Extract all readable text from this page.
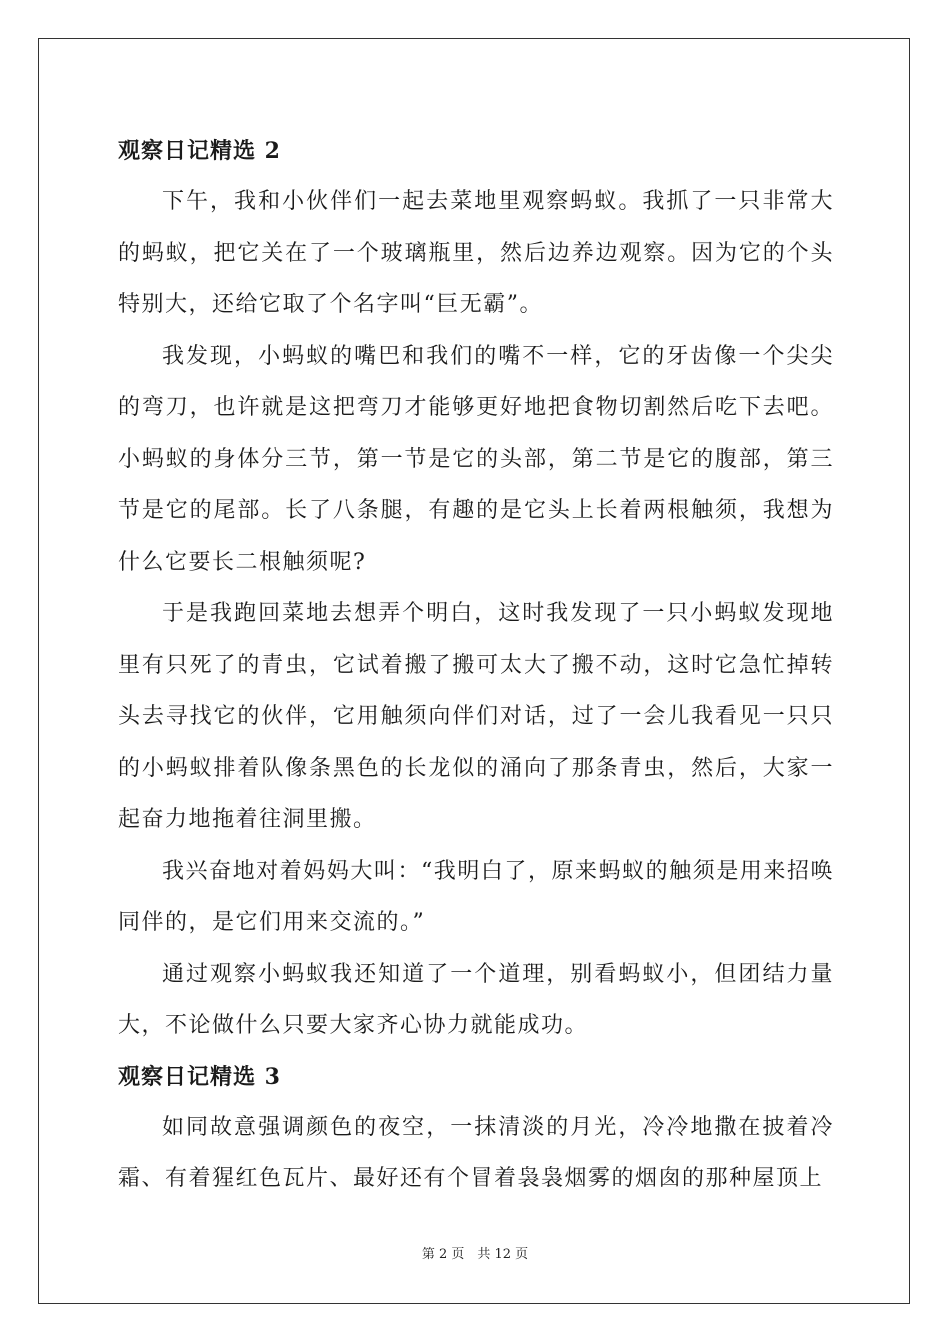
观察日记精选 2

下午，我和小伙伴们一起去菜地里观察蚂蚁。我抓了一只非常大的蚂蚁，把它关在了一个玻璃瓶里，然后边养边观察。因为它的个头特别大，还给它取了个名字叫“巨无霸”。

我发现，小蚂蚁的嘴巴和我们的嘴不一样，它的牙齿像一个尖尖的弯刀，也许就是这把弯刀才能够更好地把食物切割然后吃下去吧。小蚂蚁的身体分三节，第一节是它的头部，第二节是它的腹部，第三节是它的尾部。长了八条腿，有趣的是它头上长着两根触须，我想为什么它要长二根触须呢?

于是我跑回菜地去想弄个明白，这时我发现了一只小蚂蚁发现地里有只死了的青虫，它试着搬了搬可太大了搬不动，这时它急忙掉转头去寻找它的伙伴，它用触须向伴们对话，过了一会儿我看见一只只的小蚂蚁排着队像条黑色的长龙似的涌向了那条青虫，然后，大家一起奋力地拖着往洞里搬。

我兴奋地对着妈妈大叫：“我明白了，原来蚂蚁的触须是用来招唤同伴的，是它们用来交流的。”

通过观察小蚂蚁我还知道了一个道理，别看蚂蚁小，但团结力量大，不论做什么只要大家齐心协力就能成功。

观察日记精选 3

如同故意强调颜色的夜空，一抹清淡的月光，冷冷地撒在披着冷霜、有着猩红色瓦片、最好还有个冒着袅袅烟雾的烟囱的那种屋顶上

第 2 页　共 12 页
